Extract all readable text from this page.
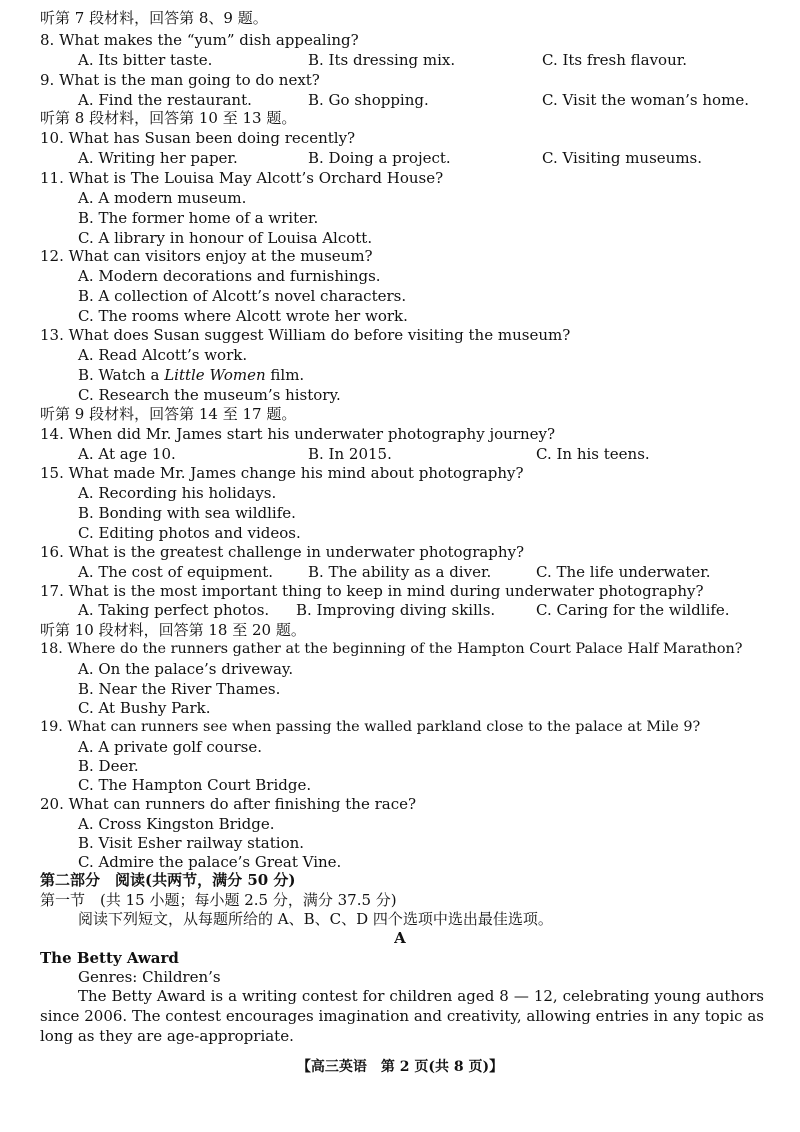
听第 7 段材料，回答第 8、9 题。
8. What makes the “yum” dish appealing?
A. Its bitter taste.	B. Its dressing mix.	C. Its fresh flavour.
9. What is the man going to do next?
A. Find the restaurant.	B. Go shopping.	C. Visit the woman’s home.
听第 8 段材料，回答第 10 至 13 题。
10. What has Susan been doing recently?
A. Writing her paper.	B. Doing a project.	C. Visiting museums.
11. What is The Louisa May Alcott’s Orchard House?
A. A modern museum.
B. The former home of a writer.
C. A library in honour of Louisa Alcott.
12. What can visitors enjoy at the museum?
A. Modern decorations and furnishings.
B. A collection of Alcott’s novel characters.
C. The rooms where Alcott wrote her work.
13. What does Susan suggest William do before visiting the museum?
A. Read Alcott’s work.
B. Watch a Little Women film.
C. Research the museum’s history.
听第 9 段材料，回答第 14 至 17 题。
14. When did Mr. James start his underwater photography journey?
A. At age 10.	B. In 2015.	C. In his teens.
15. What made Mr. James change his mind about photography?
A. Recording his holidays.
B. Bonding with sea wildlife.
C. Editing photos and videos.
16. What is the greatest challenge in underwater photography?
A. The cost of equipment. B. The ability as a diver.	C. The life underwater.
17. What is the most important thing to keep in mind during underwater photography?
A. Taking perfect photos. B. Improving diving skills.	C. Caring for the wildlife.
听第 10 段材料，回答第 18 至 20 题。
18. Where do the runners gather at the beginning of the Hampton Court Palace Half Marathon?
A. On the palace’s driveway.
B. Near the River Thames.
C. At Bushy Park.
19. What can runners see when passing the walled parkland close to the palace at Mile 9?
A. A private golf course.
B. Deer.
C. The Hampton Court Bridge.
20. What can runners do after finishing the race?
A. Cross Kingston Bridge.
B. Visit Esher railway station.
C. Admire the palace’s Great Vine.
第二部分　阅读(共两节，满分 50 分)
第一节　(共 15 小题；每小题 2.5 分，满分 37.5 分)
阅读下列短文，从每题所给的 A、B、C、D 四个选项中选出最佳选项。
A
The Betty Award
Genres: Children’s
The Betty Award is a writing contest for children aged 8 — 12, celebrating young authors since 2006. The contest encourages imagination and creativity, allowing entries in any topic as long as they are age-appropriate.
【高三英语　第 2 页(共 8 页)】
